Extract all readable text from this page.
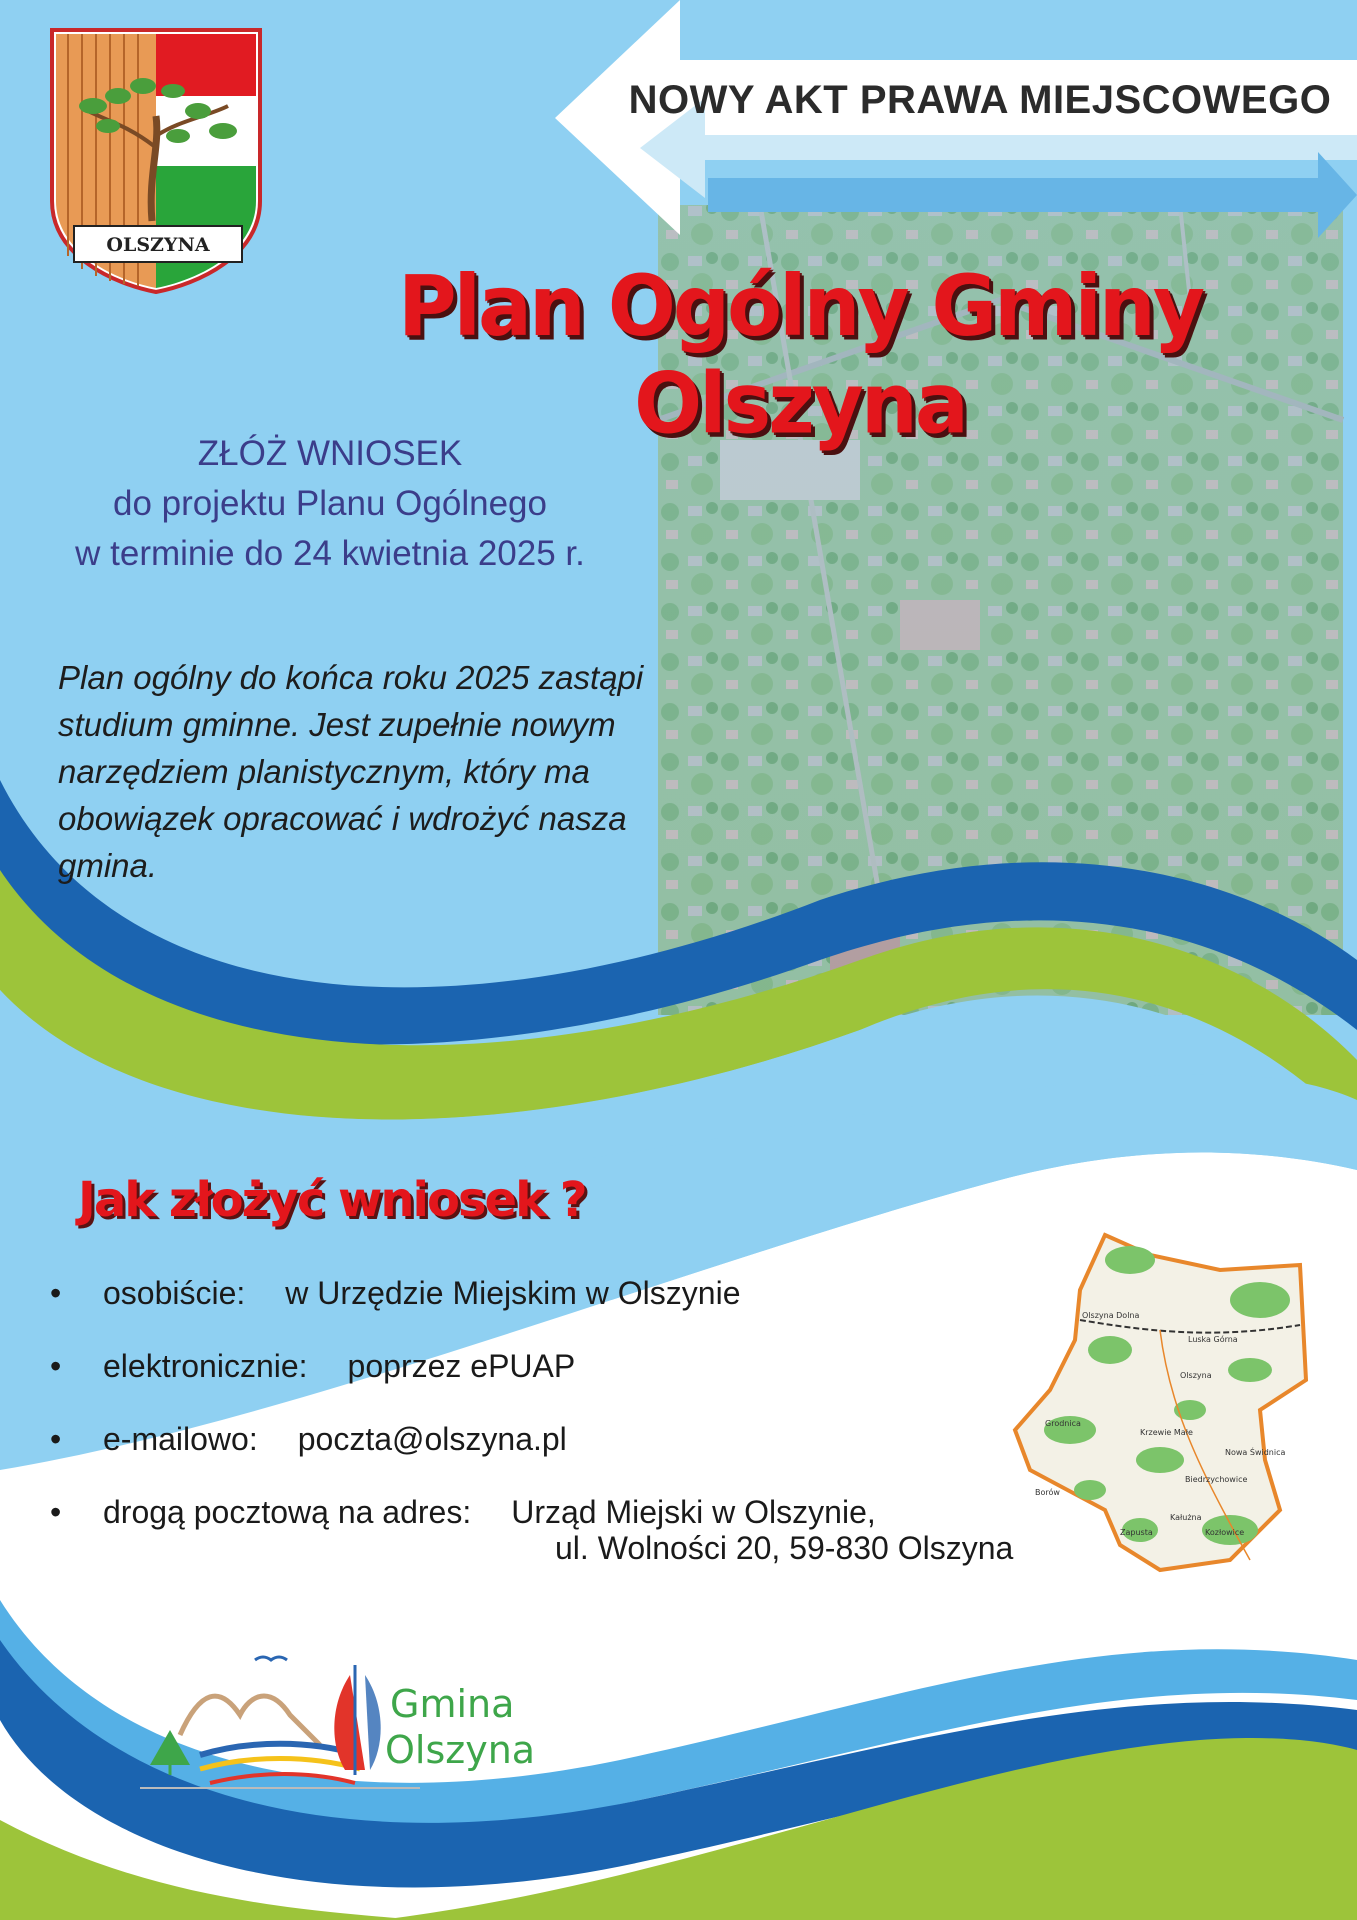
OLSZYNA
NOWY AKT PRAWA MIEJSCOWEGO
Plan Ogólny Gminy Olszyna
ZŁÓŻ WNIOSEK
do projektu Planu Ogólnego
w terminie do 24 kwietnia 2025 r.
Plan ogólny do końca roku 2025 zastąpi studium gminne. Jest zupełnie nowym narzędziem planistycznym, który ma obowiązek opracować i wdrożyć nasza gmina.
Jak złożyć wniosek ?
• osobiście: w Urzędzie Miejskim w Olszynie
• elektronicznie: poprzez ePUAP
• e-mailowo: poczta@olszyna.pl
• drogą pocztową na adres: Urząd Miejski w Olszynie,
ul. Wolności 20, 59-830 Olszyna
Olszyna Dolna
Luska Górna
Olszyna
Grodnica
Krzewie Małe
Nowa Świdnica
Biedrzychowice
Borów
Kałużna
Zapusta	Kozłowice
Gmina
Olszyna
